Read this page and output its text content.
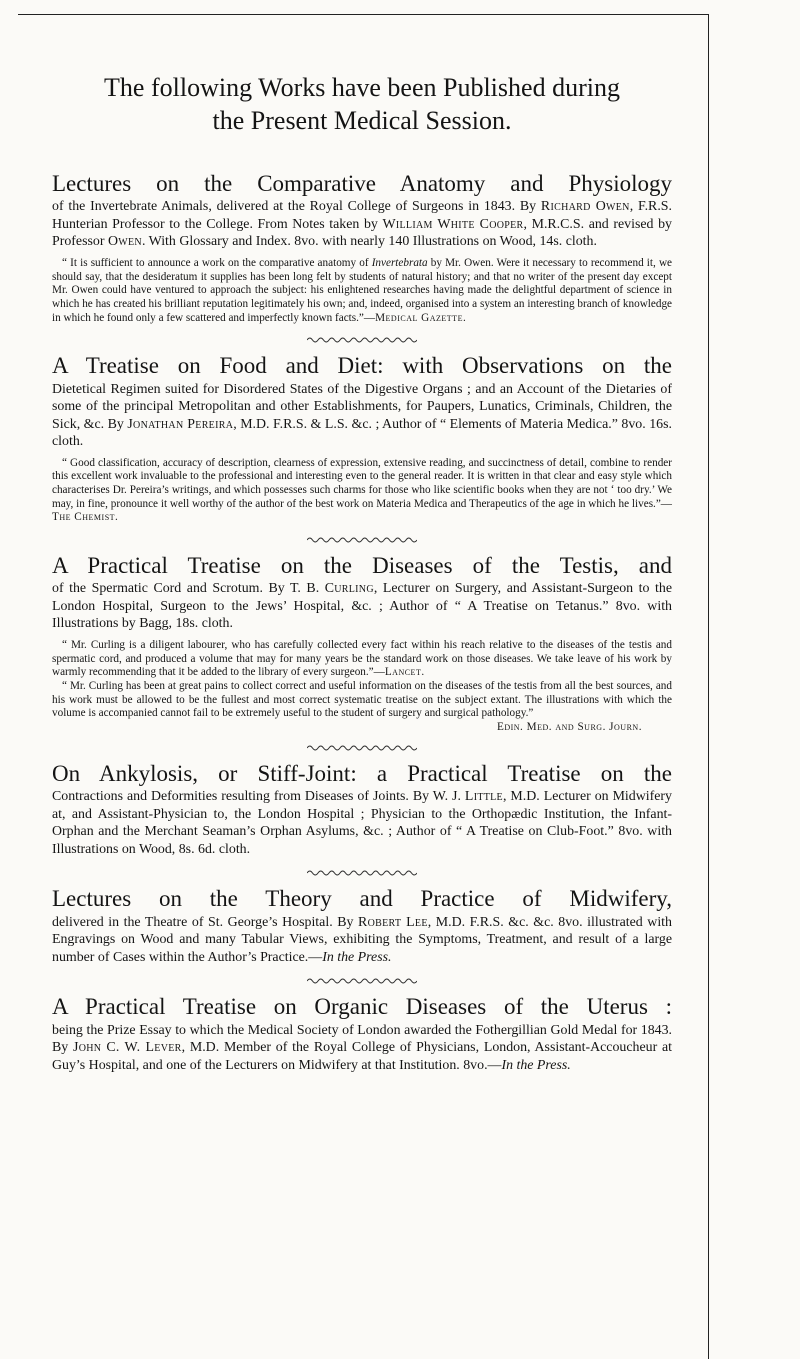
The following Works have been Published during
the Present Medical Session.
Lectures on the Comparative Anatomy and Physiology

of the Invertebrate Animals, delivered at the Royal College of Surgeons in 1843. By Richard Owen, F.R.S. Hunterian Professor to the College. From Notes taken by William White Cooper, M.R.C.S. and revised by Professor Owen. With Glossary and Index. 8vo. with nearly 140 Illustrations on Wood, 14s. cloth.

“ It is sufficient to announce a work on the comparative anatomy of Invertebrata by Mr. Owen. Were it necessary to recommend it, we should say, that the desideratum it supplies has been long felt by students of natural history; and that no writer of the present day except Mr. Owen could have ventured to approach the subject: his enlightened researches having made the delightful department of science in which he has created his brilliant reputation legitimately his own; and, indeed, organised into a system an interesting branch of knowledge in which he found only a few scattered and imperfectly known facts.”—Medical Gazette.

A Treatise on Food and Diet: with Observations on the

Dietetical Regimen suited for Disordered States of the Digestive Organs ; and an Account of the Dietaries of some of the principal Metropolitan and other Establishments, for Paupers, Lunatics, Criminals, Children, the Sick, &c. By Jonathan Pereira, M.D. F.R.S. & L.S. &c. ; Author of “ Elements of Materia Medica.” 8vo. 16s. cloth.

“ Good classification, accuracy of description, clearness of expression, extensive reading, and succinctness of detail, combine to render this excellent work invaluable to the professional and interesting even to the general reader. It is written in that clear and easy style which characterises Dr. Pereira’s writings, and which possesses such charms for those who like scientific books when they are not ‘ too dry.’ We may, in fine, pronounce it well worthy of the author of the best work on Materia Medica and Therapeutics of the age in which he lives.”—The Chemist.

A Practical Treatise on the Diseases of the Testis, and

of the Spermatic Cord and Scrotum. By T. B. Curling, Lecturer on Surgery, and Assistant-Surgeon to the London Hospital, Surgeon to the Jews’ Hospital, &c. ; Author of “ A Treatise on Tetanus.” 8vo. with Illustrations by Bagg, 18s. cloth.

“ Mr. Curling is a diligent labourer, who has carefully collected every fact within his reach relative to the diseases of the testis and spermatic cord, and produced a volume that may for many years be the standard work on those diseases. We take leave of his work by warmly recommending that it be added to the library of every surgeon.”—Lancet.

“ Mr. Curling has been at great pains to collect correct and useful information on the diseases of the testis from all the best sources, and his work must be allowed to be the fullest and most correct systematic treatise on the subject extant. The illustrations with which the volume is accompanied cannot fail to be extremely useful to the student of surgery and surgical pathology.”

Edin. Med. and Surg. Journ.

On Ankylosis, or Stiff-Joint: a Practical Treatise on the

Contractions and Deformities resulting from Diseases of Joints. By W. J. Little, M.D. Lecturer on Midwifery at, and Assistant-Physician to, the London Hospital ; Physician to the Orthopædic Institution, the Infant-Orphan and the Merchant Seaman’s Orphan Asylums, &c. ; Author of “ A Treatise on Club-Foot.” 8vo. with Illustrations on Wood, 8s. 6d. cloth.

Lectures on the Theory and Practice of Midwifery,

delivered in the Theatre of St. George’s Hospital. By Robert Lee, M.D. F.R.S. &c. &c. 8vo. illustrated with Engravings on Wood and many Tabular Views, exhibiting the Symptoms, Treatment, and result of a large number of Cases within the Author’s Practice.—In the Press.

A Practical Treatise on Organic Diseases of the Uterus :

being the Prize Essay to which the Medical Society of London awarded the Fothergillian Gold Medal for 1843. By John C. W. Lever, M.D. Member of the Royal College of Physicians, London, Assistant-Accoucheur at Guy’s Hospital, and one of the Lecturers on Midwifery at that Institution. 8vo.—In the Press.
